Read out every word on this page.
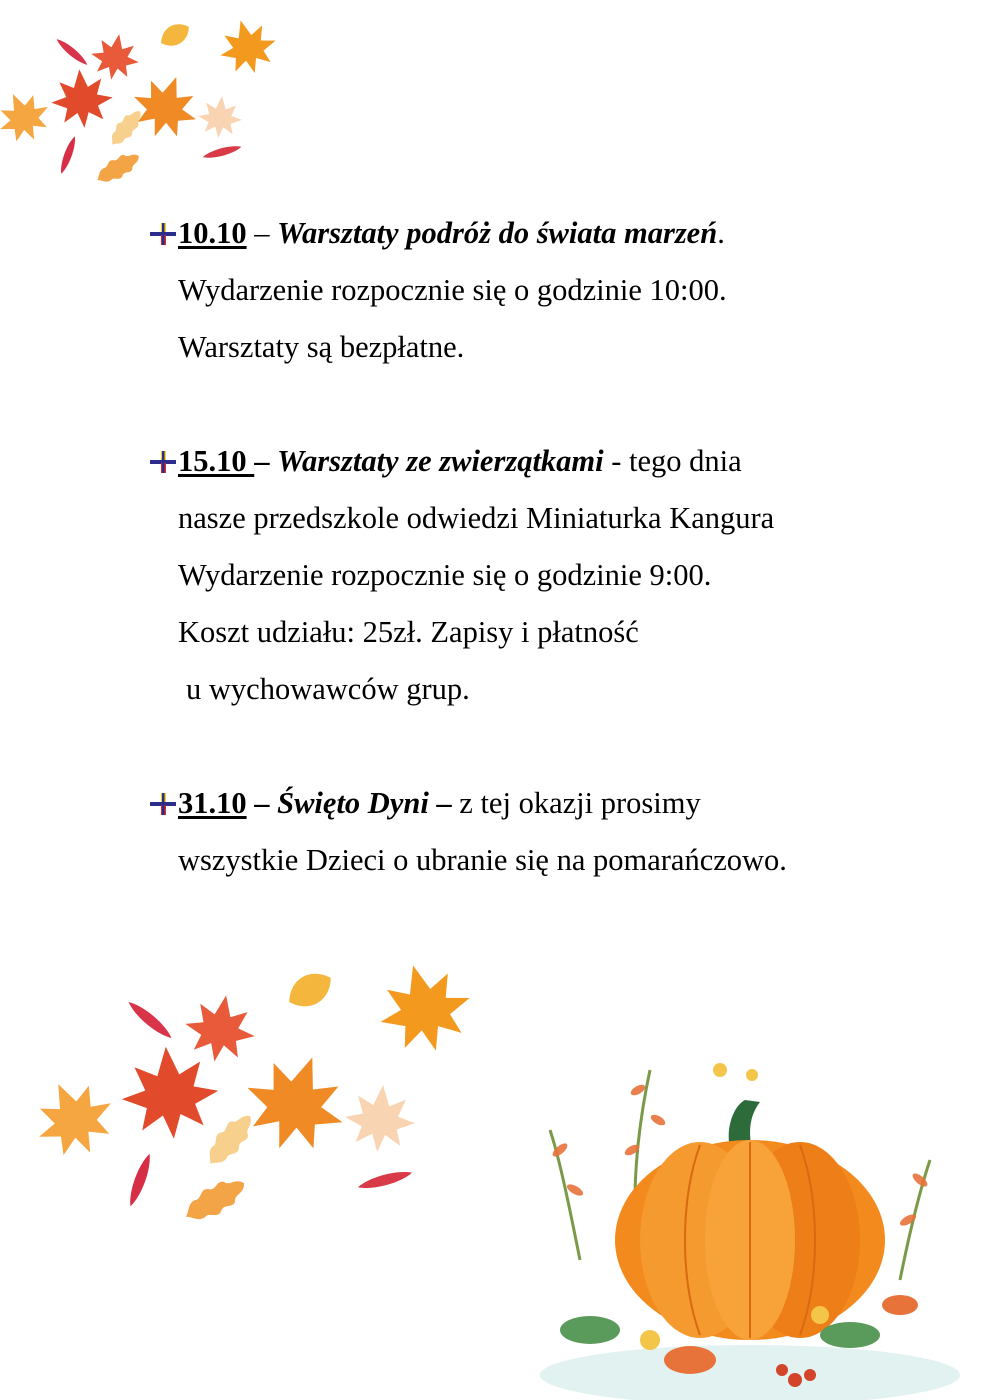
10.10 – Warsztaty podróż do świata marzeń.
Wydarzenie rozpocznie się o godzinie 10:00.
Warsztaty są bezpłatne.
15.10 – Warsztaty ze zwierzątkami - tego dnia
nasze przedszkole odwiedzi Miniaturka Kangura
Wydarzenie rozpocznie się o godzinie 9:00.
Koszt udziału: 25zł. Zapisy i płatność
u wychowawców grup.
31.10 – Święto Dyni – z tej okazji prosimy
wszystkie Dzieci o ubranie się na pomarańczowo.
